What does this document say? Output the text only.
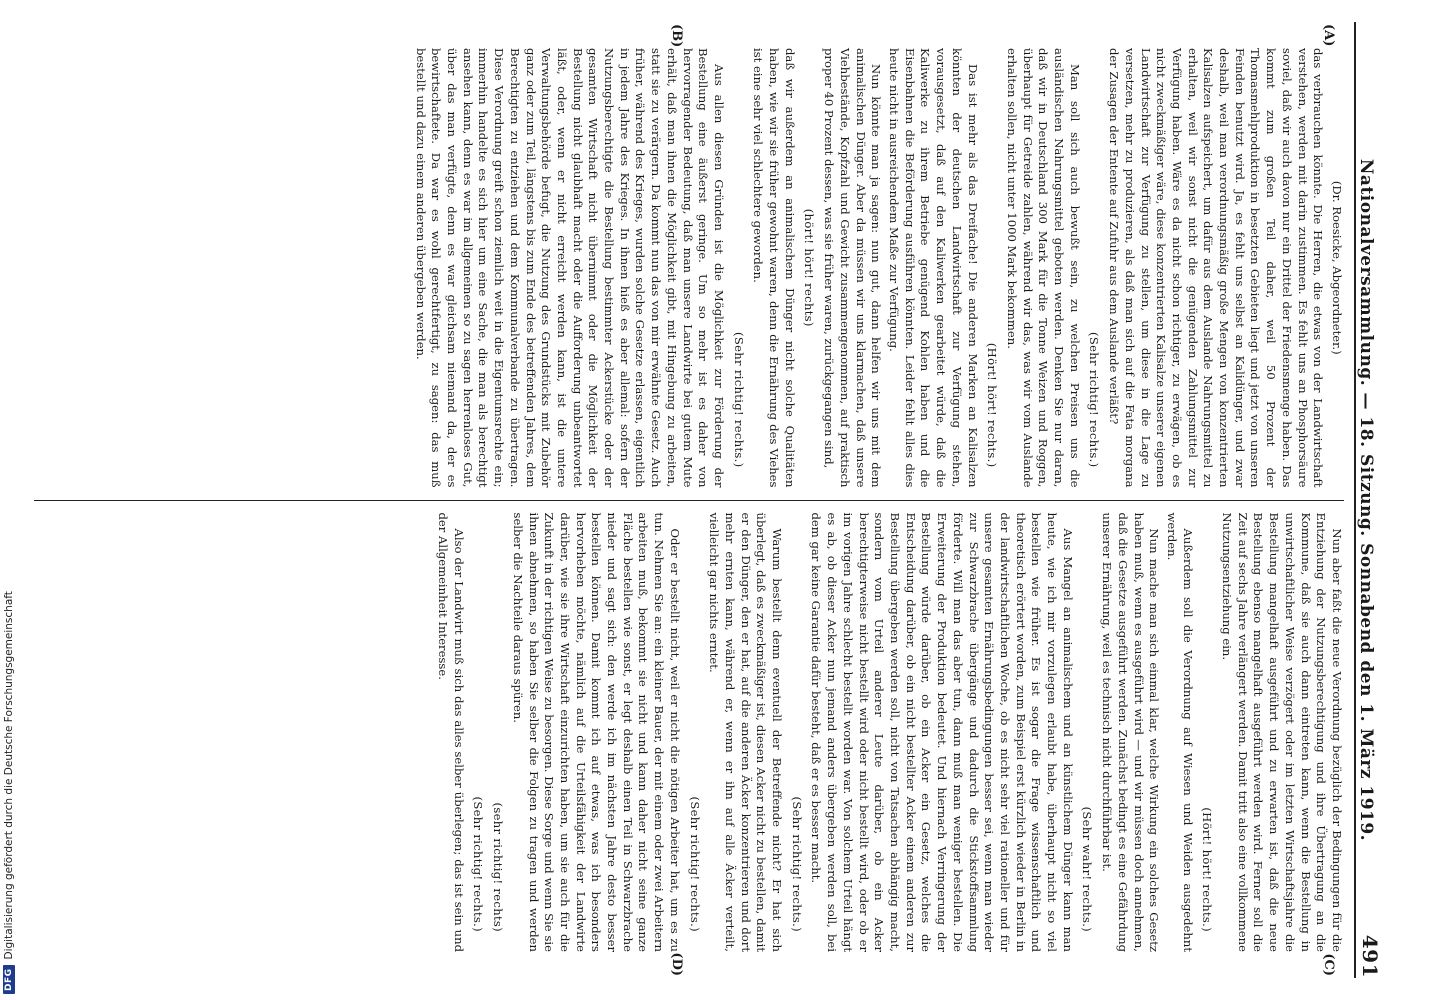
Nationalversammlung. — 18. Sitzung. Sonnabend den 1. März 1919.
491
(A)
(B)
(C)
(D)

(Dr. Roesicke, Abgeordneter.)

das verbrauchen könnte. Die Herren, die etwas von der Landwirtschaft verstehen, werden mit darin zustimmen. Es fehlt uns an Phosphorsäure soviel, daß wir auch davon nur ein Drittel der Friedensmenge haben. Das kommt zum großen Teil daher, weil 50 Prozent der Thomasmehlproduktion in besetzten Gebieten liegt und jetzt von unseren Feinden benutzt wird. Ja, es fehlt uns selbst an Kalidünger, und zwar deshalb, weil man verordnungsmäßig große Mengen von konzentrierten Kalisalzen aufspeichert, um dafür aus dem Auslande Nahrungsmittel zu erhalten, weil wir sonst nicht die genügenden Zahlungsmittel zur Verfügung haben. Wäre es da nicht schon richtiger, zu erwägen, ob es nicht zweckmäßiger wäre, diese konzentrierten Kalisalze unserer eigenen Landwirtschaft zur Verfügung zu stellen, um diese in die Lage zu versetzen, mehr zu produzieren, als daß man sich auf die Fata morgana der Zusagen der Entente auf Zufuhr aus dem Auslande verläßt?

(Sehr richtig! rechts.)

Man soll sich auch bewußt sein, zu welchen Preisen uns die ausländischen Nahrungsmittel geboten werden. Denken Sie nur daran, daß wir in Deutschland 300 Mark für die Tonne Weizen und Roggen, überhaupt für Getreide zahlen, während wir das, was wir vom Auslande erhalten sollen, nicht unter 1000 Mark bekommen.

(Hört! hört! rechts.)

Das ist mehr als das Dreifache! Die anderen Marken an Kalisalzen könnten der deutschen Landwirtschaft zur Verfügung stehen, vorausgesetzt, daß auf den Kaliwerken gearbeitet würde, daß die Kaliwerke zu ihrem Betriebe genügend Kohlen haben und die Eisenbahnen die Beförderung ausführen könnten. Leider fehlt alles dies heute nicht in ausreichendem Maße zur Verfügung.

Nun könnte man ja sagen: nun gut, dann helfen wir uns mit dem animalischen Dünger. Aber da müssen wir uns klarmachen, daß unsere Viehbestände, Kopfzahl und Gewicht zusammengenommen, auf praktisch proper 40 Prozent dessen, was sie früher waren, zurückgegangen sind,

(hört! hört! rechts)

daß wir außerdem an animalischem Dünger nicht solche Qualitäten haben, wie wir sie früher gewohnt waren, denn die Ernährung des Viehes ist eine sehr viel schlechtere geworden.

(Sehr richtig! rechts.)

Aus allen diesen Gründen ist die Möglichkeit zur Förderung der Bestellung eine äußerst geringe. Um so mehr ist es daher von hervorragender Bedeutung, daß man unsere Landwirte bei gutem Mute erhält, daß man ihnen die Möglichkeit gibt, mit Hingebung zu arbeiten, statt sie zu verärgern. Da kommt nun das von mir erwähnte Gesetz. Auch früher, während des Krieges, wurden solche Gesetze erlassen, eigentlich in jedem Jahre des Krieges. In ihnen hieß es aber allemal: sofern der Nutzungsberechtigte die Bestellung bestimmter Ackerstücke oder der gesamten Wirtschaft nicht übernimmt oder die Möglichkeit der Bestellung nicht glaubhaft macht oder die Aufforderung unbeantwortet läßt, oder, wenn er nicht erreicht werden kann, ist die untere Verwaltungsbehörde befugt, die Nutzung des Grundstücks mit Zubehör ganz oder zum Teil, längstens bis zum Ende des betreffenden Jahres, dem Berechtigten zu entziehen und dem Kommunalverbande zu übertragen. Diese Verordnung greift schon ziemlich weit in die Eigentumsrechte ein; immerhin handelte es sich hier um eine Sache, die man als berechtigt ansehen kann, denn es war im allgemeinen so zu sagen herrenloses Gut, über das man verfügte, denn es war gleichsam niemand da, der es bewirtschaftete. Da war es wohl gerechtfertigt, zu sagen: das muß bestellt und dazu einem anderen übergeben werden.

Nun aber faßt die neue Verordnung bezüglich der Bedingungen für die Entziehung der Nutzungsberechtigung und ihre Übertragung an die Kommune, daß sie auch dann eintreten kann, wenn die Bestellung in unwirtschaftlicher Weise verzögert oder im letzten Wirtschaftsjahre die Bestellung mangelhaft ausgeführt und zu erwarten ist, daß die neue Bestellung ebenso mangelhaft ausgeführt werden wird. Ferner soll die Zeit auf sechs Jahre verlängert werden. Damit tritt also eine vollkommene Nutzungsentziehung ein.

(Hört! hört! rechts.)

Außerdem soll die Verordnung auf Wiesen und Weiden ausgedehnt werden.

Nun mache man sich einmal klar, welche Wirkung ein solches Gesetz haben muß, wenn es ausgeführt wird — und wir müssen doch annehmen, daß die Gesetze ausgeführt werden. Zunächst bedingt es eine Gefährdung unserer Ernährung, weil es technisch nicht durchführbar ist.

(Sehr wahr! rechts.)

Aus Mangel an animalischem und an künstlichem Dünger kann man heute, wie ich mir vorzulegen erlaubt habe, überhaupt nicht so viel bestellen wie früher. Es ist sogar die Frage wissenschaftlich und theoretisch erörtert worden, zum Beispiel erst kürzlich wieder in Berlin in der landwirtschaftlichen Woche, ob es nicht sehr viel rationeller und für unsere gesamten Ernährungsbedingungen besser sei, wenn man wieder zur Schwarzbrache übergänge und dadurch die Stickstoffsammlung förderte. Will man das aber tun, dann muß man weniger bestellen. Die Erweiterung der Produktion bedeutet. Und hiernach Verringerung der Bestellung würde darüber, ob ein Acker ein Gesetz, welches die Entscheidung darüber, ob ein nicht bestellter Acker einem anderen zur Bestellung übergeben werden soll, nicht von Tatsachen abhängig macht, sondern vom Urteil anderer Leute darüber, ob ein Acker berechtigterweise nicht bestellt wird oder nicht bestellt wird, oder ob er im vorigen Jahre schlecht bestellt worden war. Von solchem Urteil hängt es ab, ob dieser Acker nun jemand anders übergeben werden soll, bei dem gar keine Garantie dafür besteht, daß er es besser macht.

(Sehr richtig! rechts.)

Warum bestellt denn eventuell der Betreffende nicht? Er hat sich überlegt, daß es zweckmäßiger ist, diesen Acker nicht zu bestellen, damit er den Dünger, den er hat, auf die anderen Äcker konzentrieren und dort mehr ernten kann, während er, wenn er ihn auf alle Äcker verteilt, vielleicht gar nichts erntet.

(Sehr richtig! rechts.)

Oder er bestellt nicht, weil er nicht die nötigen Arbeiter hat, um es zu tun. Nehmen Sie an: ein kleiner Bauer, der mit einem oder zwei Arbeitern arbeiten muß, bekommt sie nicht und kann daher nicht seine ganze Fläche bestellen wie sonst, er legt deshalb einen Teil in Schwarzbrache nieder und sagt sich: den werde ich im nächsten Jahre desto besser bestellen können. Damit kommt ich auf etwas, was ich besonders hervorheben möchte, nämlich auf die Urteilsfähigkeit der Landwirte darüber, wie sie ihre Wirtschaft einzurichten haben, um sie auch für die Zukunft in der richtigen Weise zu besorgen. Diese Sorge und wenn Sie sie ihnen abnehmen, so haben Sie selber die Folgen zu tragen und werden selber die Nachteile daraus spüren.

(sehr richtig! rechts)

(Sehr richtig! rechts.)

Also der Landwirt muß sich das alles selber überlegen; das ist sein und der Allgemeinheit Interesse.

DFG
Digitalisierung gefördert durch die Deutsche Forschungsgemeinschaft
